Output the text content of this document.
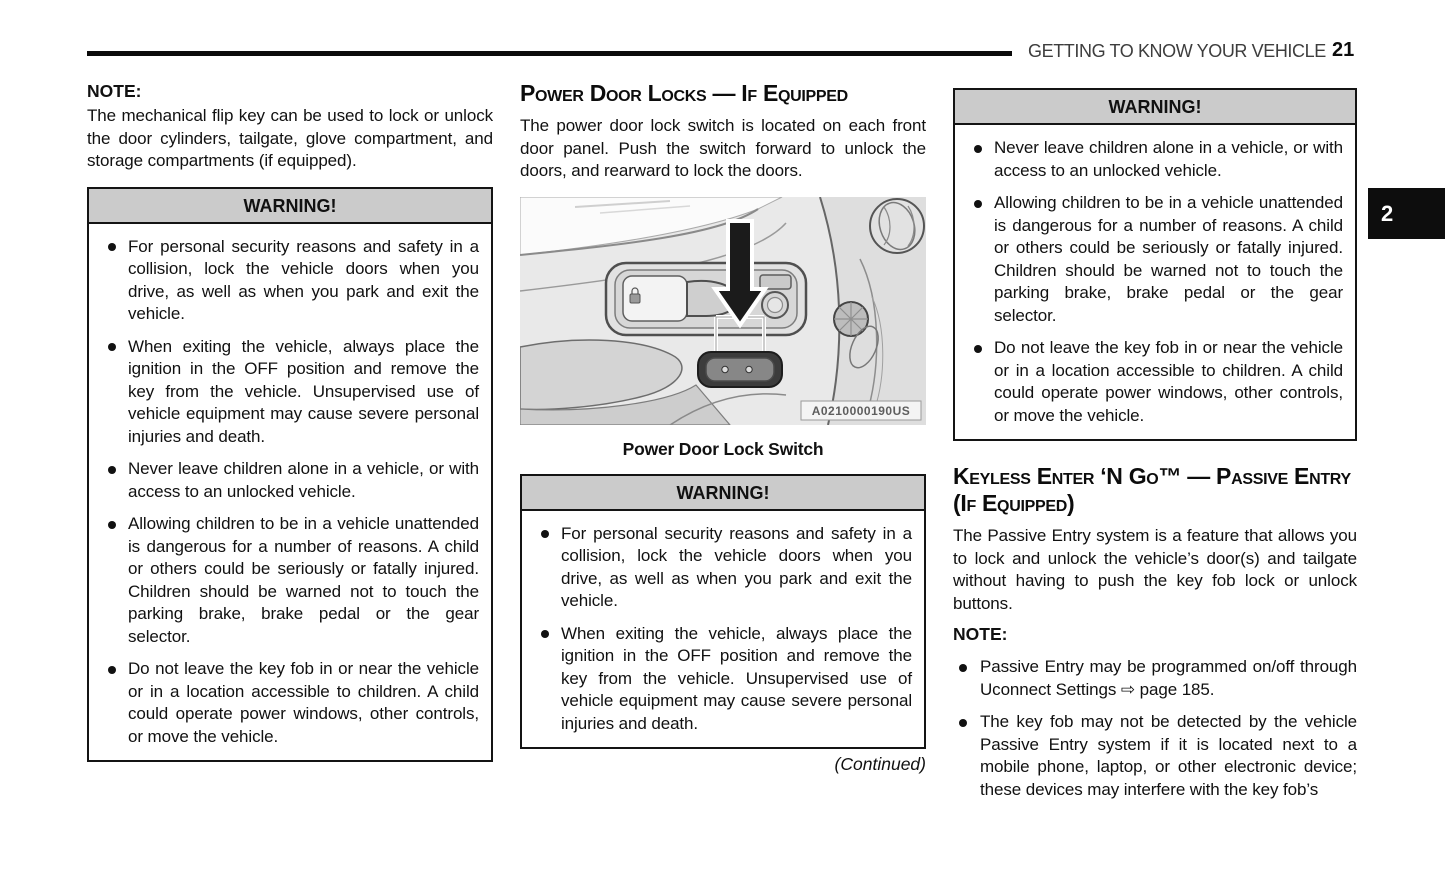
GETTING TO KNOW YOUR VEHICLE 21
2
NOTE:

The mechanical flip key can be used to lock or unlock the door cylinders, tailgate, glove compartment, and storage compartments (if equipped).

WARNING!
For personal security reasons and safety in a collision, lock the vehicle doors when you drive, as well as when you park and exit the vehicle.
When exiting the vehicle, always place the ignition in the OFF position and remove the key from the vehicle. Unsupervised use of vehicle equipment may cause severe personal injuries and death.
Never leave children alone in a vehicle, or with access to an unlocked vehicle.
Allowing children to be in a vehicle unattended is dangerous for a number of reasons. A child or others could be seriously or fatally injured. Children should be warned not to touch the parking brake, brake pedal or the gear selector.
Do not leave the key fob in or near the vehicle or in a location accessible to children. A child could operate power windows, other controls, or move the vehicle.
Power Door Locks — If Equipped

The power door lock switch is located on each front door panel. Push the switch forward to unlock the doors, and rearward to lock the doors.

A0210000190US
Power Door Lock Switch
WARNING!
For personal security reasons and safety in a collision, lock the vehicle doors when you drive, as well as when you park and exit the vehicle.
When exiting the vehicle, always place the ignition in the OFF position and remove the key from the vehicle. Unsupervised use of vehicle equipment may cause severe personal injuries and death.
(Continued)
WARNING!
Never leave children alone in a vehicle, or with access to an unlocked vehicle.
Allowing children to be in a vehicle unattended is dangerous for a number of reasons. A child or others could be seriously or fatally injured. Children should be warned not to touch the parking brake, brake pedal or the gear selector.
Do not leave the key fob in or near the vehicle or in a location accessible to children. A child could operate power windows, other controls, or move the vehicle.
Keyless Enter ‘N Go™ — Passive Entry (If Equipped)

The Passive Entry system is a feature that allows you to lock and unlock the vehicle’s door(s) and tailgate without having to push the key fob lock or unlock buttons.

NOTE:
Passive Entry may be programmed on/off through Uconnect Settings ⇨ page 185.
The key fob may not be detected by the vehicle Passive Entry system if it is located next to a mobile phone, laptop, or other electronic device; these devices may interfere with the key fob’s
